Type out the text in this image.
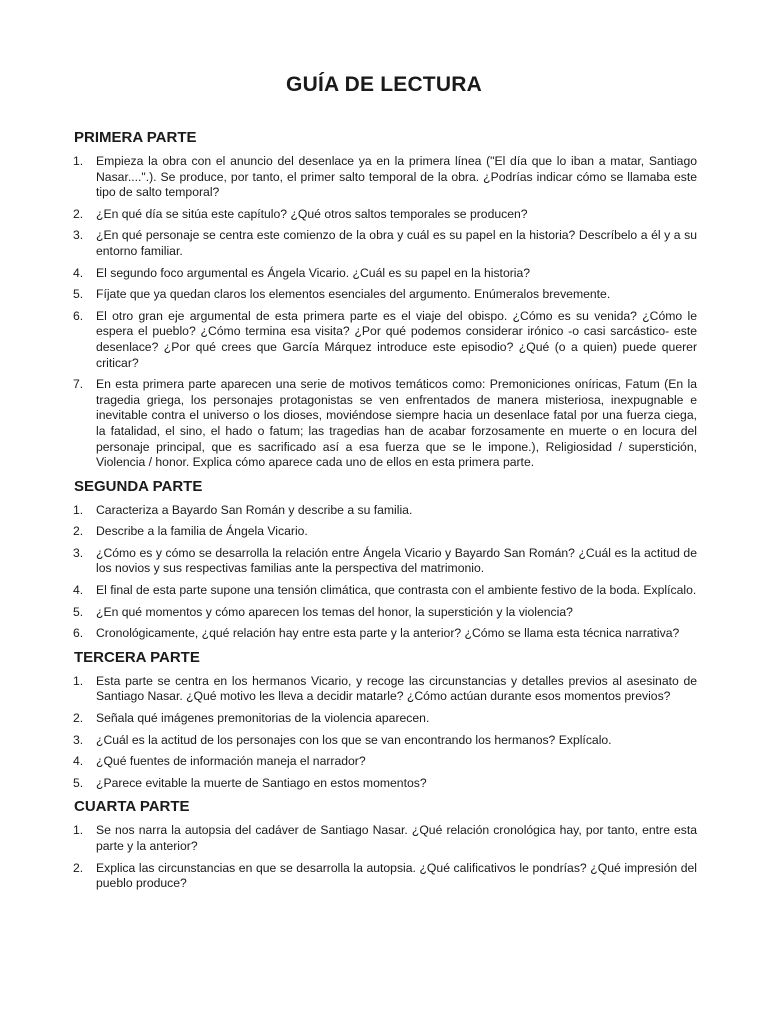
GUÍA DE LECTURA
PRIMERA PARTE
1. Empieza la obra con el anuncio del desenlace ya en la primera línea ("El día que lo iban a matar, Santiago Nasar....".). Se produce, por tanto, el primer salto temporal de la obra. ¿Podrías indicar cómo se llamaba este tipo de salto temporal?
2. ¿En qué día se sitúa este capítulo? ¿Qué otros saltos temporales se producen?
3. ¿En qué personaje se centra este comienzo de la obra y cuál es su papel en la historia? Descríbelo a él y a su entorno familiar.
4. El segundo foco argumental es Ángela Vicario. ¿Cuál es su papel en la historia?
5. Fíjate que ya quedan claros los elementos esenciales del argumento. Enúmeralos brevemente.
6. El otro gran eje argumental de esta primera parte es el viaje del obispo. ¿Cómo es su venida? ¿Cómo le espera el pueblo? ¿Cómo termina esa visita? ¿Por qué podemos considerar irónico -o casi sarcástico- este desenlace? ¿Por qué crees que García Márquez introduce este episodio? ¿Qué (o a quien) puede querer criticar?
7. En esta primera parte aparecen una serie de motivos temáticos como: Premoniciones oníricas, Fatum (En la tragedia griega, los personajes protagonistas se ven enfrentados de manera misteriosa, inexpugnable e inevitable contra el universo o los dioses, moviéndose siempre hacia un desenlace fatal por una fuerza ciega, la fatalidad, el sino, el hado o fatum; las tragedias han de acabar forzosamente en muerte o en locura del personaje principal, que es sacrificado así a esa fuerza que se le impone.), Religiosidad / superstición, Violencia / honor. Explica cómo aparece cada uno de ellos en esta primera parte.
SEGUNDA PARTE
1. Caracteriza a Bayardo San Román y describe a su familia.
2. Describe a la familia de Ángela Vicario.
3. ¿Cómo es y cómo se desarrolla la relación entre Ángela Vicario y Bayardo San Román? ¿Cuál es la actitud de los novios y sus respectivas familias ante la perspectiva del matrimonio.
4. El final de esta parte supone una tensión climática, que contrasta con el ambiente festivo de la boda. Explícalo.
5. ¿En qué momentos y cómo aparecen los temas del honor, la superstición y la violencia?
6. Cronológicamente, ¿qué relación hay entre esta parte y la anterior? ¿Cómo se llama esta técnica narrativa?
TERCERA PARTE
1. Esta parte se centra en los hermanos Vicario, y recoge las circunstancias y detalles previos al asesinato de Santiago Nasar. ¿Qué motivo les lleva a decidir matarle? ¿Cómo actúan durante esos momentos previos?
2. Señala qué imágenes premonitorias de la violencia aparecen.
3. ¿Cuál es la actitud de los personajes con los que se van encontrando los hermanos? Explícalo.
4. ¿Qué fuentes de información maneja el narrador?
5. ¿Parece evitable la muerte de Santiago en estos momentos?
CUARTA PARTE
1. Se nos narra la autopsia del cadáver de Santiago Nasar. ¿Qué relación cronológica hay, por tanto, entre esta parte y la anterior?
2. Explica las circunstancias en que se desarrolla la autopsia. ¿Qué calificativos le pondrías? ¿Qué impresión del pueblo produce?
